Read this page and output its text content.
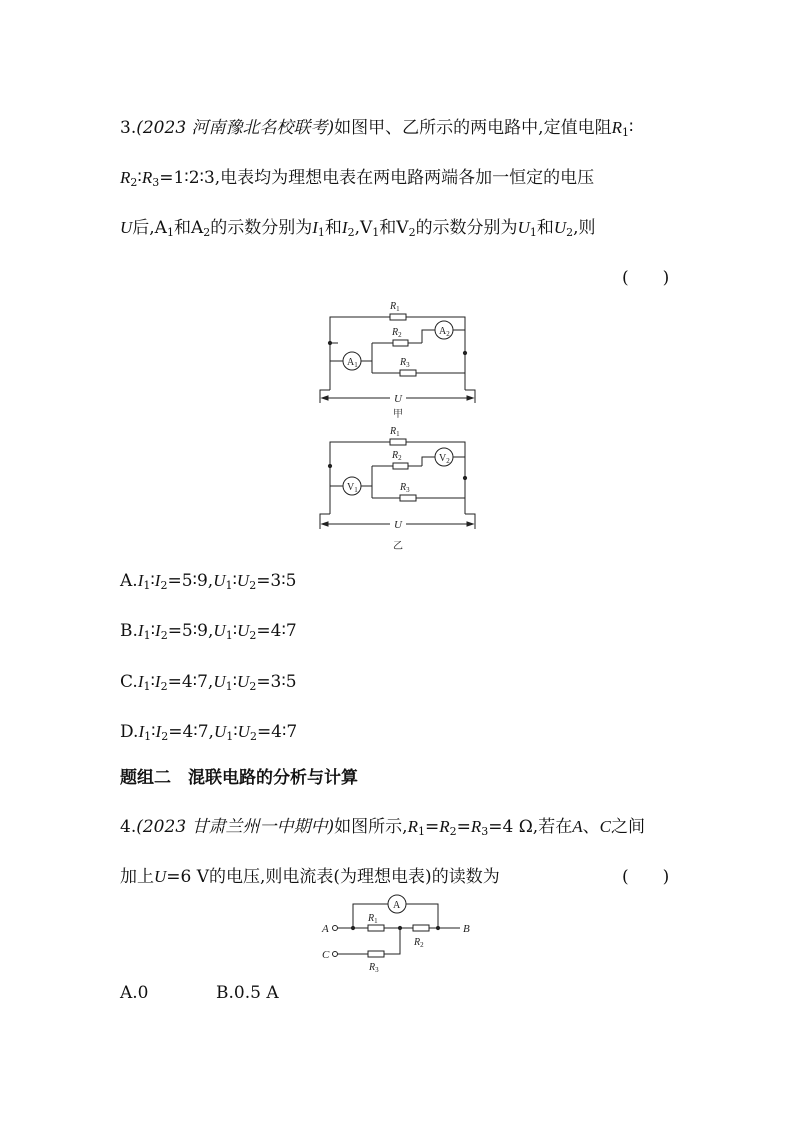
3.(2023 河南豫北名校联考)如图甲、乙所示的两电路中,定值电阻$R_1∶$
$R_2∶R_3=1∶2∶3$,电表均为理想电表在两电路两端各加一恒定的电压
U后$,A_1$和$A_2$的示数分别为$I_1$和$I_2,V_1$和$V_2$的示数分别为$U_1$和$U_2$,则
(　　)
$R_1$
$A_1$
$R_2$	$A_2$
$R_3$
U
甲
$R_1$
$V_1$
$R_2$	$V_2$
$R_3$
U
乙
$A.I_1∶I_2=5∶9,U_1∶U_2=3∶5$
$B.I_1∶I_2=5∶9,U_1∶U_2=4∶7$
$C.I_1∶I_2=4∶7,U_1∶U_2=3∶5$
$D.I_1∶I_2=4∶7,U_1∶U_2=4∶7$
题组二　混联电路的分析与计算
4.(2023 甘肃兰州一中期中)如图所示$,R_1=R_2=R_3=4$ Ω,若在A、C之间
加上U=6 V的电压,则电流表(为理想电表)的读数为	(　　)
A
$R_1$
A
$R_2$
B
C
$R_3$
A.0	B.0.5 A
